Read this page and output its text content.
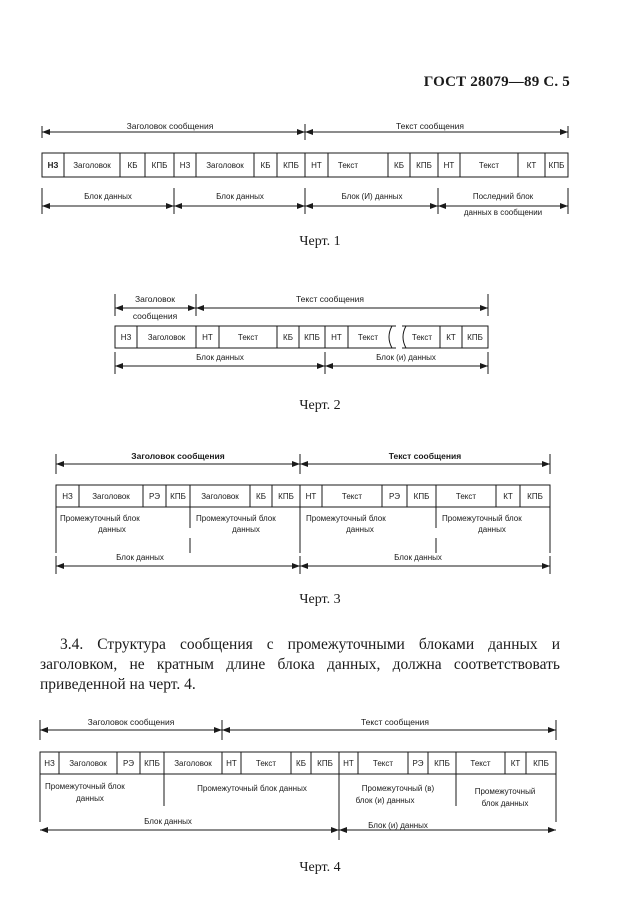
ГОСТ 28079—89 С. 5
Заголовок сообщения	Текст сообщения
НЗ Заголовок КБ КПБ НЗ Заголовок КБ КПБ НТ Текст	КБ КПБ НТ	Текст	КТ КПБ
Блок данных	Блок данных	Блок (И) данных	Последний блок
данных в сообщении
Черт. 1
Заголовок
сообщения
Текст сообщения
НЗ Заголовок НТ	Текст	КБ КПБ НТ Текст	Текст КТ КПБ
Блок данных	Блок (и) данных
Черт. 2
Заголовок сообщения	Текст сообщения
НЗ Заголовок РЭ КПБ Заголовок КБ КПБ НТ	Текст	РЭ КПБ	Текст	КТ КПБ
Промежуточный блок
данных
Промежуточный блок
данных
Промежуточный блок
данных
Промежуточный блок
данных
Блок данных	Блок данных
Черт. 3
3.4. Структура сообщения с промежуточными блоками данных и заголовком, не кратным длине блока данных, должна соответствовать приведенной на черт. 4.
Заголовок сообщения	Текст сообщения
НЗ Заголовок РЭ КПБ Заголовок НТ Текст КБ КПБ НТ Текст РЭ КПБ	Текст	КТ КПБ
Промежуточный блок
данных
Промежуточный блок данных	Промежуточный (в)
блок (и) данных
Промежуточный
блок данных
Блок данных	Блок (и) данных
Черт. 4
